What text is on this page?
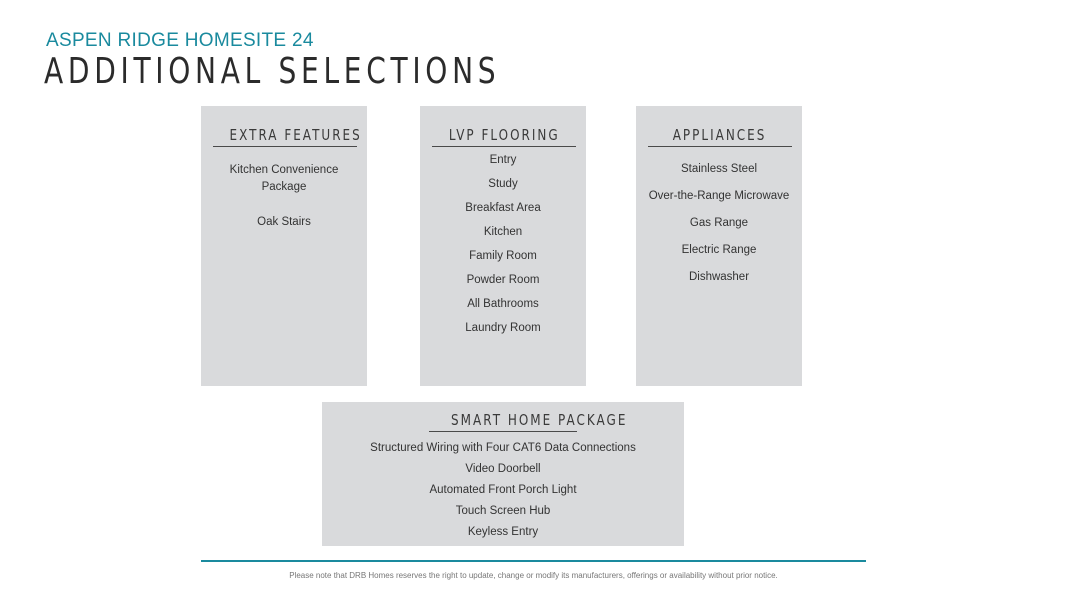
ASPEN RIDGE HOMESITE 24
ADDITIONAL SELECTIONS
EXTRA FEATURES
Kitchen Convenience Package
Oak Stairs
LVP FLOORING
Entry
Study
Breakfast Area
Kitchen
Family Room
Powder Room
All Bathrooms
Laundry Room
APPLIANCES
Stainless Steel
Over-the-Range Microwave
Gas Range
Electric Range
Dishwasher
SMART HOME PACKAGE
Structured Wiring with Four CAT6 Data Connections
Video Doorbell
Automated Front Porch Light
Touch Screen Hub
Keyless Entry
Please note that DRB Homes reserves the right to update, change or modify its manufacturers, offerings or availability without prior notice.
